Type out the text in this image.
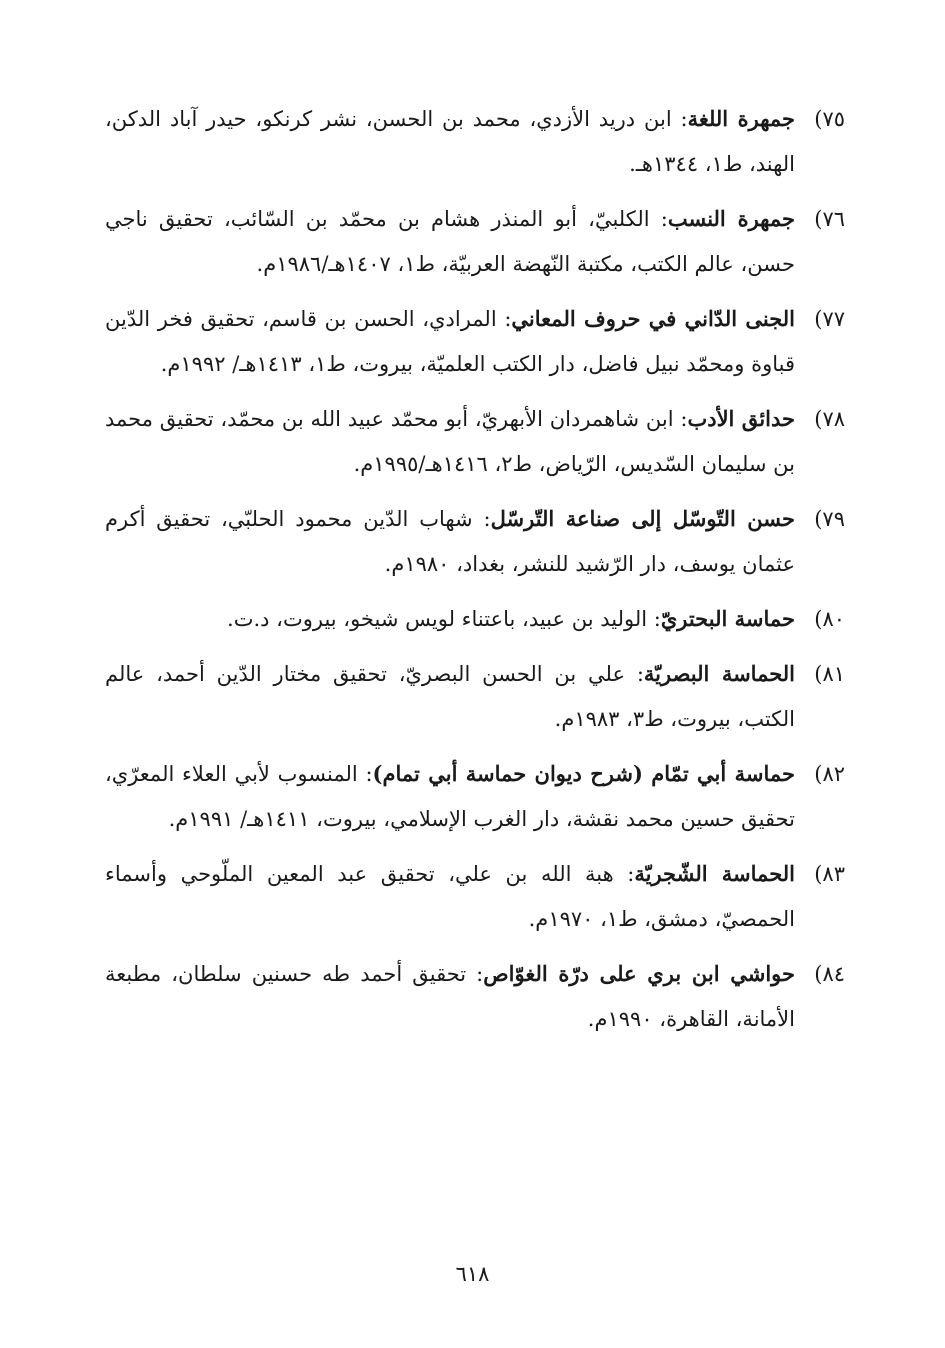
٧٥)جمهرة اللغة: ابن دريد الأزدي، محمد بن الحسن، نشر كرنكو، حيدر آباد الدكن، الهند، ط١، ١٣٤٤هـ.

٧٦)جمهرة النسب: الكلبيّ، أبو المنذر هشام بن محمّد بن السّائب، تحقيق ناجي حسن، عالم الكتب، مكتبة النّهضة العربيّة، ط١، ١٤٠٧هـ/١٩٨٦م.

٧٧)الجنى الدّاني في حروف المعاني: المرادي، الحسن بن قاسم، تحقيق فخر الدّين قباوة ومحمّد نبيل فاضل، دار الكتب العلميّة، بيروت، ط١، ١٤١٣هـ/ ١٩٩٢م.

٧٨)حدائق الأدب: ابن شاهمردان الأبهريّ، أبو محمّد عبيد الله بن محمّد، تحقيق محمد بن سليمان السّديس، الرّياض، ط٢، ١٤١٦هـ/١٩٩٥م.

٧٩)حسن التّوسّل إلى صناعة التّرسّل: شهاب الدّين محمود الحلبّي، تحقيق أكرم عثمان يوسف، دار الرّشيد للنشر، بغداد، ١٩٨٠م.

٨٠)حماسة البحتريّ: الوليد بن عبيد، باعتناء لويس شيخو، بيروت، د.ت.

٨١)الحماسة البصريّة: علي بن الحسن البصريّ، تحقيق مختار الدّين أحمد، عالم الكتب، بيروت، ط٣، ١٩٨٣م.

٨٢)حماسة أبي تمّام (شرح ديوان حماسة أبي تمام): المنسوب لأبي العلاء المعرّي، تحقيق حسين محمد نقشة، دار الغرب الإسلامي، بيروت، ١٤١١هـ/ ١٩٩١م.

٨٣)الحماسة الشّجريّة: هبة الله بن علي، تحقيق عبد المعين الملّوحي وأسماء الحمصيّ، دمشق، ط١، ١٩٧٠م.

٨٤)حواشي ابن بري على درّة الغوّاص: تحقيق أحمد طه حسنين سلطان، مطبعة الأمانة، القاهرة، ١٩٩٠م.

٦١٨
